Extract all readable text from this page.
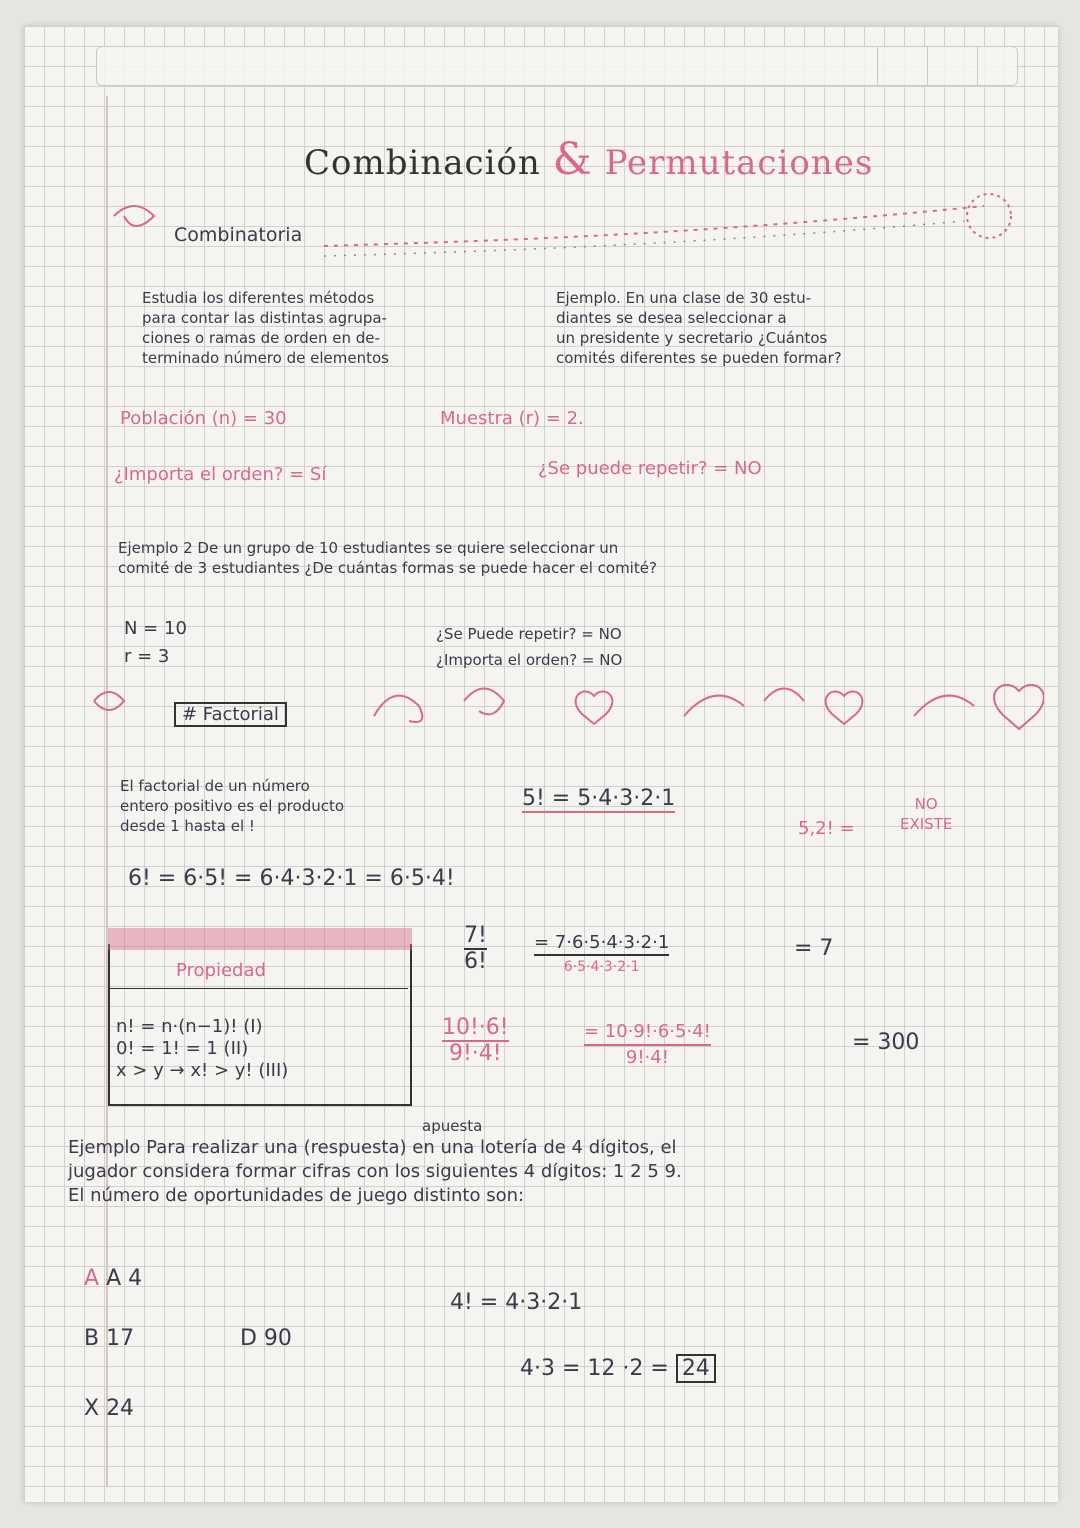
Combinación & Permutaciones
Combinatoria
Estudia los diferentes métodos
para contar las distintas agrupa-
ciones o ramas de orden en de-
terminado número de elementos
Ejemplo. En una clase de 30 estu-
diantes se desea seleccionar a
un presidente y secretario ¿Cuántos
comités diferentes se pueden formar?
Población (n) = 30	Muestra (r) = 2.
¿Importa el orden? = Sí	¿Se puede repetir? = NO
Ejemplo 2 De un grupo de 10 estudiantes se quiere seleccionar un
comité de 3 estudiantes ¿De cuántas formas se puede hacer el comité?
N = 10
r = 3
¿Se Puede repetir? = NO
¿Importa el orden? = NO
# Factorial
El factorial de un número
entero positivo es el producto
desde 1 hasta el !
5! = 5·4·3·2·1
5,2! =
NO
EXISTE
6! = 6·5! = 6·4·3·2·1 = 6·5·4!
Propiedad
n! = n·(n−1)! (I)
0! = 1! = 1 (II)
x > y → x! > y! (III)
7!
6!
= 7·6·5·4·3·2·1
6·5·4·3·2·1
= 7
10!·6!
9!·4!
= 10·9!·6·5·4!
9!·4!
= 300
apuesta
Ejemplo Para realizar una (respuesta) en una lotería de 4 dígitos, el
jugador considera formar cifras con los siguientes 4 dígitos: 1 2 5 9.
El número de oportunidades de juego distinto son:
A A 4
B 17	D 90
X 24
4! = 4·3·2·1
4·3 = 12 ·2 = 24
